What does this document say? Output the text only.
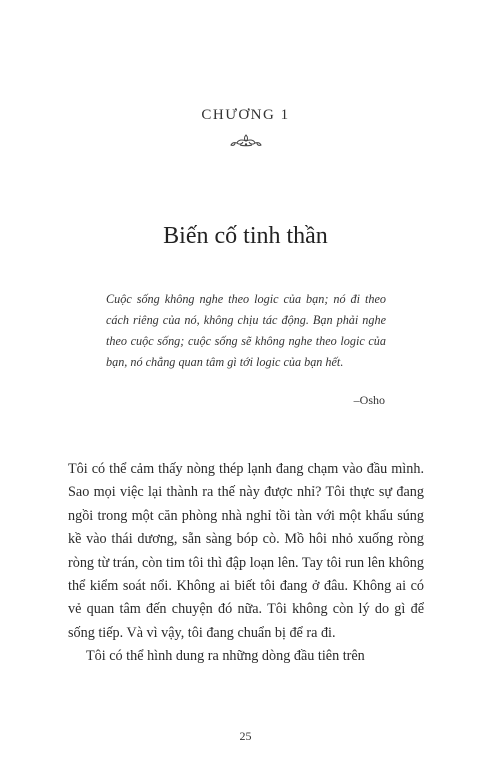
CHƯƠNG 1
Biến cố tinh thần
Cuộc sống không nghe theo logic của bạn; nó đi theo cách riêng của nó, không chịu tác động. Bạn phải nghe theo cuộc sống; cuộc sống sẽ không nghe theo logic của bạn, nó chẳng quan tâm gì tới logic của bạn hết.
–Osho

Tôi có thể cảm thấy nòng thép lạnh đang chạm vào đầu mình. Sao mọi việc lại thành ra thế này được nhỉ? Tôi thực sự đang ngồi trong một căn phòng nhà nghỉ tồi tàn với một khẩu súng kề vào thái dương, sẵn sàng bóp cò. Mồ hôi nhỏ xuống ròng ròng từ trán, còn tim tôi thì đập loạn lên. Tay tôi run lên không thể kiểm soát nổi. Không ai biết tôi đang ở đâu. Không ai có vẻ quan tâm đến chuyện đó nữa. Tôi không còn lý do gì để sống tiếp. Và vì vậy, tôi đang chuẩn bị để ra đi.

Tôi có thể hình dung ra những dòng đầu tiên trên

25
